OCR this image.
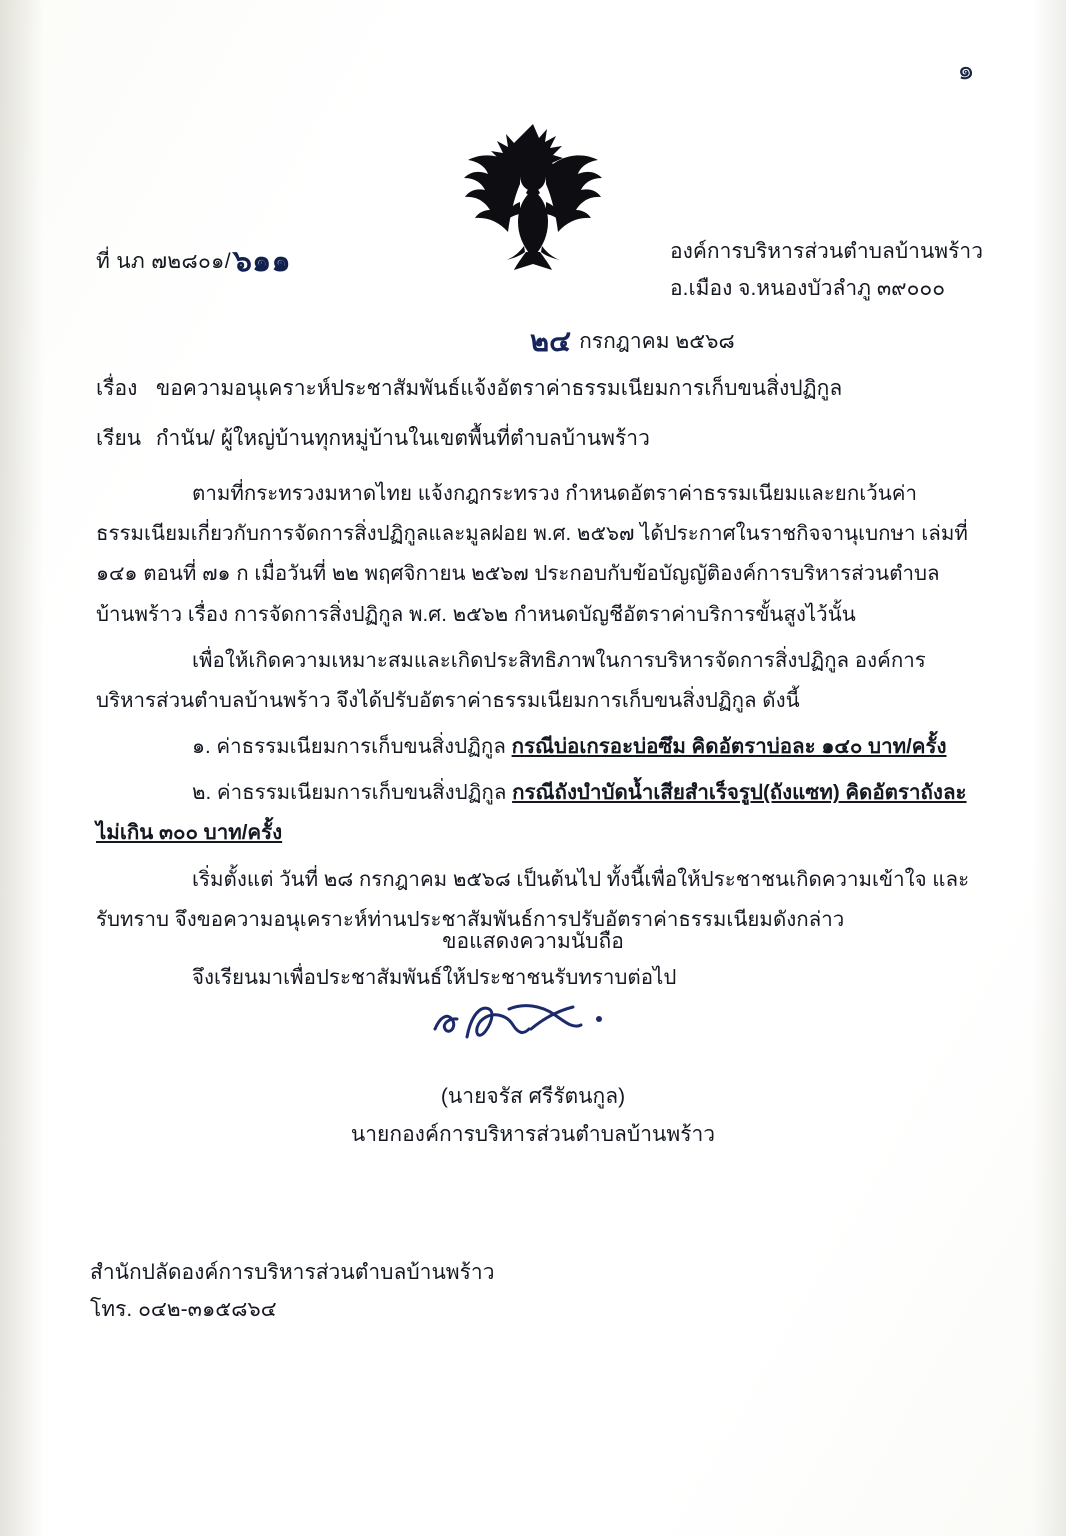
๑
ที่ นภ ๗๒๘๐๑/๖๑๑	องค์การบริหารส่วนตำบลบ้านพร้าว
อ.เมือง จ.หนองบัวลำภู ๓๙๐๐๐
๒๔ กรกฎาคม ๒๕๖๘
เรื่อง ขอความอนุเคราะห์ประชาสัมพันธ์แจ้งอัตราค่าธรรมเนียมการเก็บขนสิ่งปฏิกูล
เรียน กำนัน/ ผู้ใหญ่บ้านทุกหมู่บ้านในเขตพื้นที่ตำบลบ้านพร้าว

ตามที่กระทรวงมหาดไทย แจ้งกฎกระทรวง กำหนดอัตราค่าธรรมเนียมและยกเว้นค่าธรรมเนียมเกี่ยวกับการจัดการสิ่งปฏิกูลและมูลฝอย พ.ศ. ๒๕๖๗ ได้ประกาศในราชกิจจานุเบกษา เล่มที่ ๑๔๑ ตอนที่ ๗๑ ก เมื่อวันที่ ๒๒ พฤศจิกายน ๒๕๖๗ ประกอบกับข้อบัญญัติองค์การบริหารส่วนตำบลบ้านพร้าว เรื่อง การจัดการสิ่งปฏิกูล พ.ศ. ๒๕๖๒ กำหนดบัญชีอัตราค่าบริการขั้นสูงไว้นั้น

เพื่อให้เกิดความเหมาะสมและเกิดประสิทธิภาพในการบริหารจัดการสิ่งปฏิกูล องค์การบริหารส่วนตำบลบ้านพร้าว จึงได้ปรับอัตราค่าธรรมเนียมการเก็บขนสิ่งปฏิกูล ดังนี้

๑. ค่าธรรมเนียมการเก็บขนสิ่งปฏิกูล กรณีบ่อเกรอะบ่อซึม คิดอัตราบ่อละ ๑๔๐ บาท/ครั้ง

๒. ค่าธรรมเนียมการเก็บขนสิ่งปฏิกูล กรณีถังบำบัดน้ำเสียสำเร็จรูป(ถังแซท) คิดอัตราถังละไม่เกิน ๓๐๐ บาท/ครั้ง

เริ่มตั้งแต่ วันที่ ๒๘ กรกฎาคม ๒๕๖๘ เป็นต้นไป ทั้งนี้เพื่อให้ประชาชนเกิดความเข้าใจ และรับทราบ จึงขอความอนุเคราะห์ท่านประชาสัมพันธ์การปรับอัตราค่าธรรมเนียมดังกล่าว

จึงเรียนมาเพื่อประชาสัมพันธ์ให้ประชาชนรับทราบต่อไป

ขอแสดงความนับถือ
(นายจรัส ศรีรัตนกูล)
นายกองค์การบริหารส่วนตำบลบ้านพร้าว
สำนักปลัดองค์การบริหารส่วนตำบลบ้านพร้าว
โทร. ๐๔๒-๓๑๕๘๖๔
